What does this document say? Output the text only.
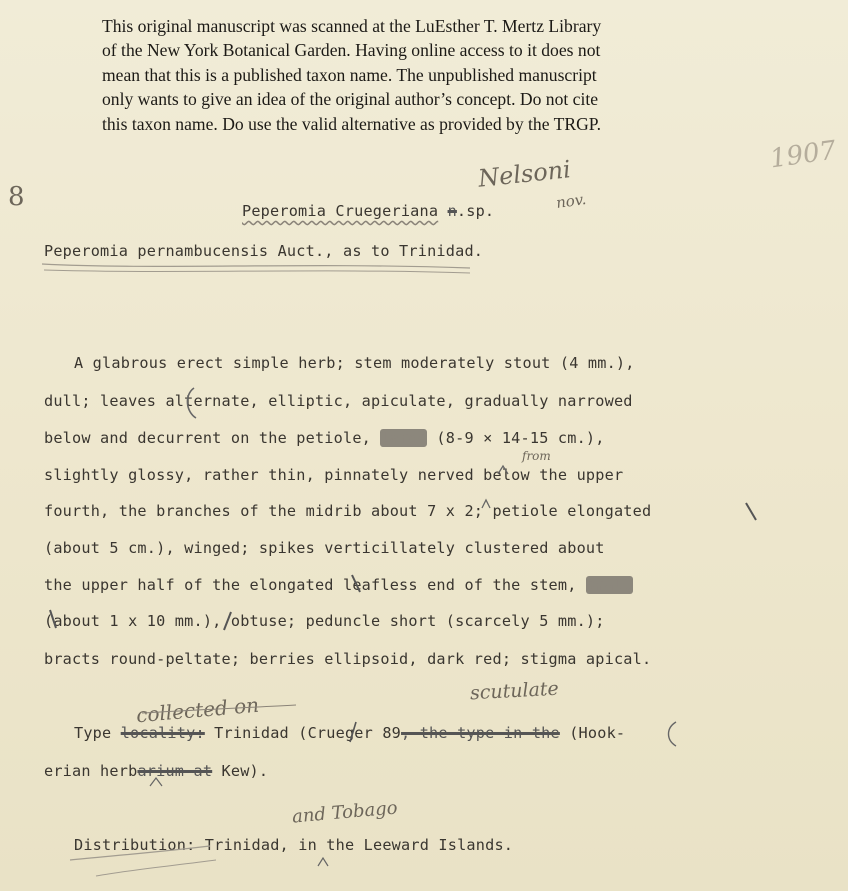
This original manuscript was scanned at the LuEsther T. Mertz Library
of the New York Botanical Garden. Having online access to it does not
mean that this is a published taxon name. The unpublished manuscript
only wants to give an idea of the original author’s concept. Do not cite
this taxon name. Do use the valid alternative as provided by the TRGP.
8
1907
Nelsoni
nov.
from
collected on
scutulate
and Tobago
Peperomia Cruegeriana n.sp.
Peperomia pernambucensis Auct., as to Trinidad.
A glabrous erect simple herb; stem moderately stout (4 mm.),
dull; leaves alternate, elliptic, apiculate, gradually narrowed
below and decurrent on the petiole, large (8-9 × 14-15 cm.),
slightly glossy, rather thin, pinnately nerved below the upper
fourth, the branches of the midrib about 7 x 2; petiole elongated
(about 5 cm.), winged; spikes verticillately clustered about
the upper half of the elongated leafless end of the stem, small
(about 1 x 10 mm.), obtuse; peduncle short (scarcely 5 mm.);
bracts round-peltate; berries ellipsoid, dark red; stigma apical.
Type locality: Trinidad (Crueger 89, the type in the (Hook-
erian herbarium at Kew).
Distribution: Trinidad, in the Leeward Islands.
